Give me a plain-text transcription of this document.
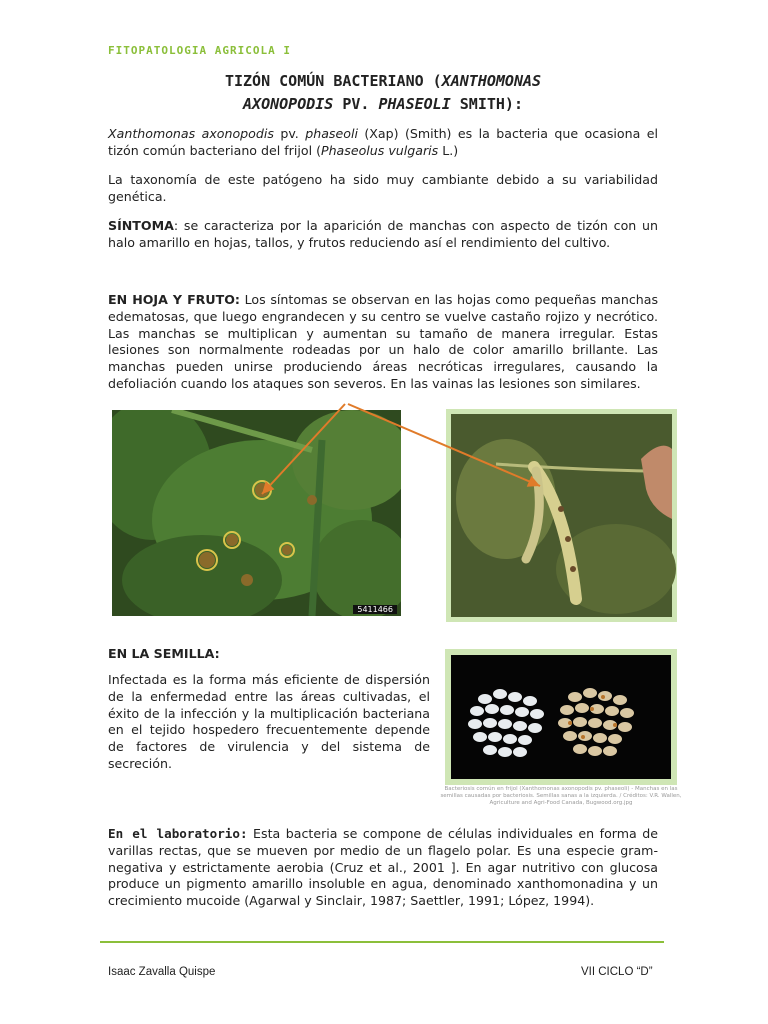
FITOPATOLOGIA AGRICOLA I
TIZÓN COMÚN BACTERIANO (XANTHOMONAS
AXONOPODIS PV. PHASEOLI SMITH):
Xanthomonas axonopodis pv. phaseoli (Xap) (Smith) es la bacteria que ocasiona el tizón común bacteriano del frijol (Phaseolus vulgaris L.)
La taxonomía de este patógeno ha sido muy cambiante debido a su variabilidad genética.
SÍNTOMA: se caracteriza por la aparición de manchas con aspecto de tizón con un halo amarillo en hojas, tallos, y frutos reduciendo así el rendimiento del cultivo.
EN HOJA Y FRUTO: Los síntomas se observan en las hojas como pequeñas manchas edematosas, que luego engrandecen y su centro se vuelve castaño rojizo y necrótico. Las manchas se multiplican y aumentan su tamaño de manera irregular. Estas lesiones son normalmente rodeadas por un halo de color amarillo brillante. Las manchas pueden unirse produciendo áreas necróticas irregulares, causando la defoliación cuando los ataques son severos. En las vainas las lesiones son similares.
5411466
EN LA SEMILLA:
Infectada es la forma más eficiente de dispersión de la enfermedad entre las áreas cultivadas, el éxito de la infección y la multiplicación bacteriana en el tejido hospedero frecuentemente depende de factores de virulencia y del sistema de secreción.
Bacteriosis común en frijol (Xanthomonas axonopodis pv. phaseoli) - Manchas en las semillas causadas por bacteriosis. Semillas sanas a la izquierda. / Créditos: V.R. Wallen, Agriculture and Agri-Food Canada, Bugwood.org.jpg
En el laboratorio: Esta bacteria se compone de células individuales en forma de varillas rectas, que se mueven por medio de un flagelo polar. Es una especie gram-negativa y estrictamente aerobia (Cruz et al., 2001 ]. En agar nutritivo con glucosa produce un pigmento amarillo insoluble en agua, denominado xanthomonadina y un crecimiento mucoide (Agarwal y Sinclair, 1987; Saettler, 1991; López, 1994).
Isaac Zavalla Quispe	VII CICLO “D”
